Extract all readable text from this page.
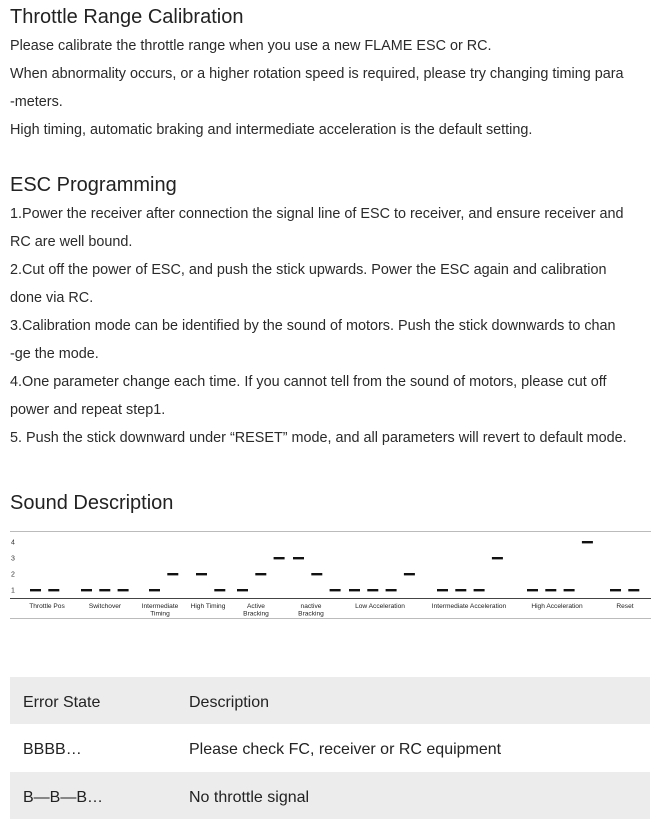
Throttle Range Calibration

Please calibrate the throttle range when you use a new FLAME ESC or RC.

When abnormality occurs, or a higher rotation speed is required, please try changing timing para

-meters.

High timing, automatic braking and intermediate acceleration is the default setting.

ESC Programming

1.Power the receiver after connection the signal line of ESC to receiver, and ensure receiver and

RC are well bound.

2.Cut off the power of ESC, and push the stick upwards. Power the ESC again and calibration

done via RC.

3.Calibration mode can be identified by the sound of motors. Push the stick downwards to chan

-ge the mode.

4.One parameter change each time. If you cannot tell from the sound of motors, please cut off

power and repeat step1.

5. Push the stick downward under “RESET” mode, and all parameters will revert to default mode.

Sound Description
1
2
3
4
Throttle Pos	Switchover	Intermediate
Timing
High Timing	Active
Bracking
nactive
Bracking
Low Acceleration	Intermediate Acceleration	High Acceleration	Reset
Error State	Description
BBBB…	Please check FC, receiver or RC equipment
B—B—B…	No throttle signal
